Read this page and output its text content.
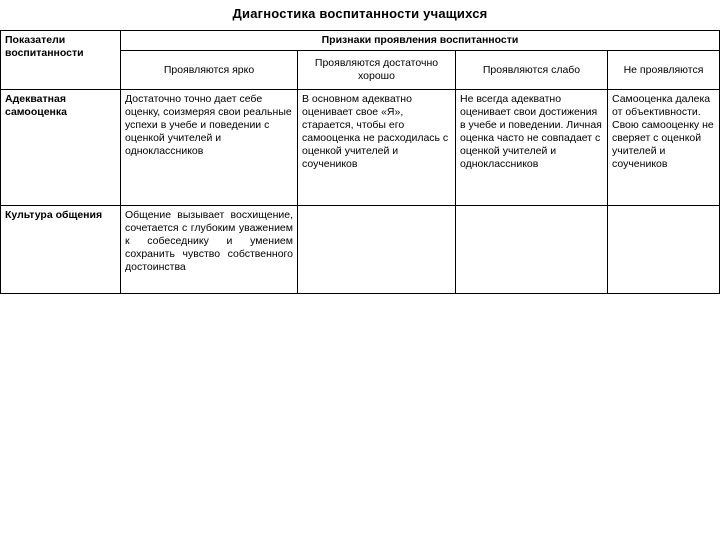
Диагностика воспитанности учащихся
Показатели воспитанности	Признаки проявления воспитанности			
	Проявляются ярко	Проявляются достаточно хорошо	Проявляются слабо	Не проявляются
Адекватная самооценка	Достаточно точно дает себе оценку, соизмеряя свои реальные успехи в учебе и поведении с оценкой учителей и одноклассников	В основном адекватно оценивает свое «Я», старается, чтобы его самооценка не расходилась с оценкой учителей и соучеников	Не всегда адекватно оценивает свои достижения в учебе и поведении. Личная оценка часто не совпадает с оценкой учителей и одноклассников	Самооценка далека от объективности. Свою самооценку не сверяет с оценкой учителей и соучеников
Культура общения	Общение вызывает восхищение, сочетается с глубоким уважением к собеседнику и умением сохранить чувство собственного достоинства			
